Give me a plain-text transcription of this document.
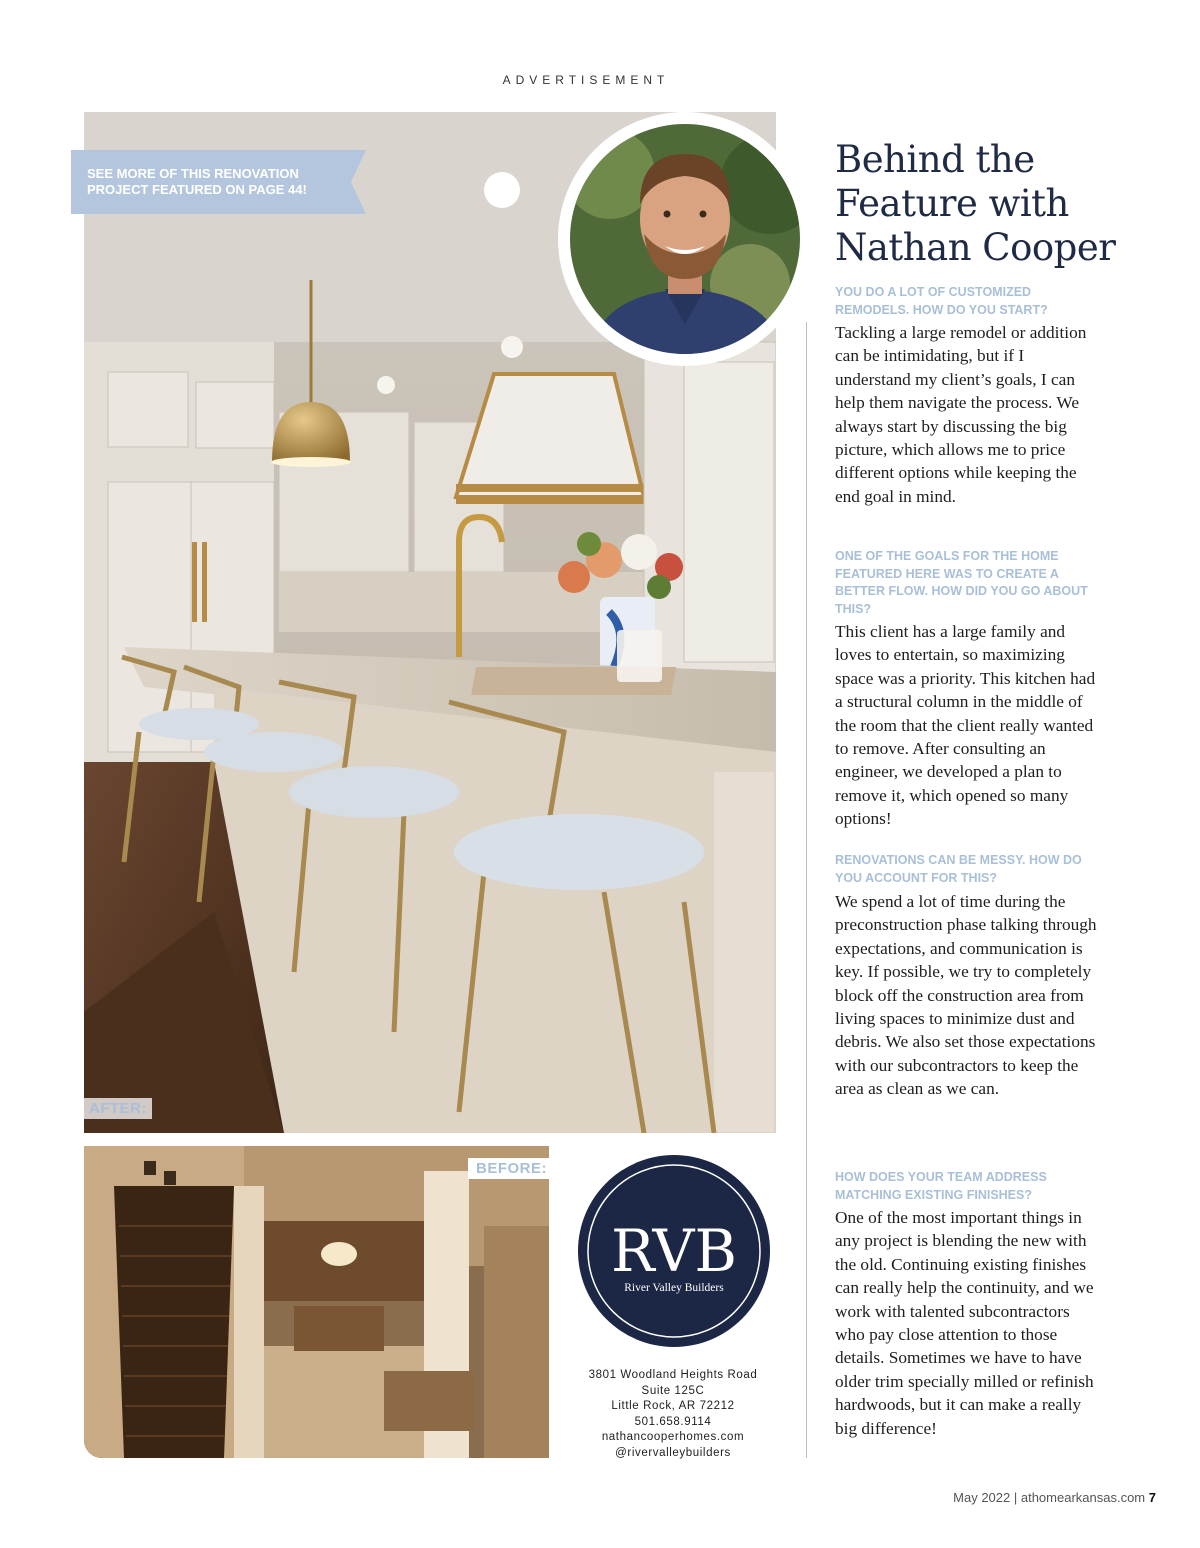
ADVERTISEMENT
SEE MORE OF THIS RENOVATION
PROJECT FEATURED ON PAGE 44!
AFTER:
BEFORE:
Behind the
Feature with
Nathan Cooper
YOU DO A LOT OF CUSTOMIZED REMODELS. HOW DO YOU START?
Tackling a large remodel or addition can be intimidating, but if I understand my client’s goals, I can help them navigate the process. We always start by discussing the big picture, which allows me to price different options while keeping the end goal in mind.
ONE OF THE GOALS FOR THE HOME FEATURED HERE WAS TO CREATE A BETTER FLOW. HOW DID YOU GO ABOUT THIS?
This client has a large family and loves to entertain, so maximizing space was a priority. This kitchen had a structural column in the middle of the room that the client really wanted to remove. After consulting an engineer, we developed a plan to remove it, which opened so many options!
RENOVATIONS CAN BE MESSY. HOW DO YOU ACCOUNT FOR THIS?
We spend a lot of time during the preconstruction phase talking through expectations, and communication is key. If possible, we try to completely block off the construction area from living spaces to minimize dust and debris. We also set those expectations with our subcontractors to keep the area as clean as we can.
HOW DOES YOUR TEAM ADDRESS MATCHING EXISTING FINISHES?
One of the most important things in any project is blending the new with the old. Continuing existing finishes can really help the continuity, and we work with talented subcontractors who pay close attention to those details. Sometimes we have to have older trim specially milled or refinish hardwoods, but it can make a really big difference!
RVB
River Valley Builders
3801 Woodland Heights Road
Suite 125C
Little Rock, AR 72212
501.658.9114
nathancooperhomes.com
@rivervalleybuilders
May 2022 | athomearkansas.com 7
